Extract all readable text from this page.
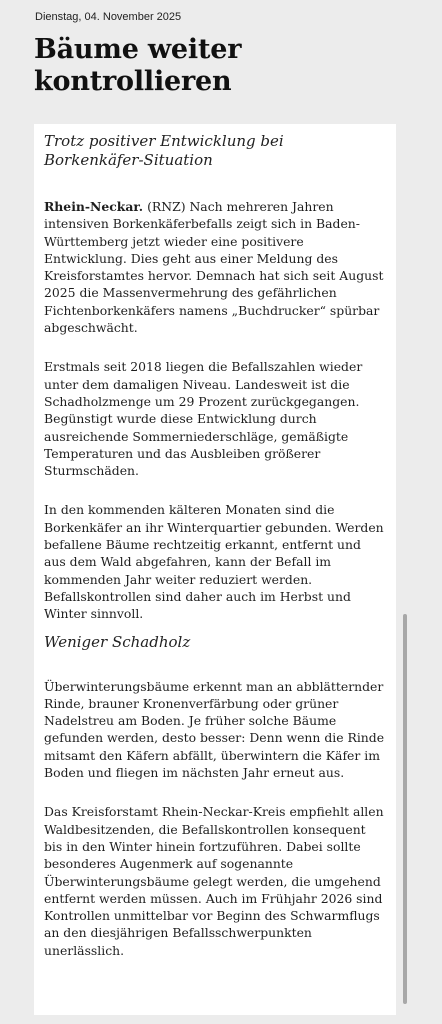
Dienstag, 04. November 2025
Bäume weiter kontrollieren

Trotz positiver Entwicklung bei Borkenkäfer-Situation

Rhein-Neckar. (RNZ) Nach mehreren Jahren intensiven Borkenkäferbefalls zeigt sich in Baden-Württemberg jetzt wieder eine positivere Entwicklung. Dies geht aus einer Meldung des Kreisforstamtes hervor. Demnach hat sich seit August 2025 die Massenvermehrung des gefährlichen Fichtenborkenkäfers namens „Buchdrucker“ spürbar abgeschwächt.

Erstmals seit 2018 liegen die Befallszahlen wieder unter dem damaligen Niveau. Landesweit ist die Schadholzmenge um 29 Prozent zurückgegangen. Begünstigt wurde diese Entwicklung durch ausreichende Sommerniederschläge, gemäßigte Temperaturen und das Ausbleiben größerer Sturmschäden.

In den kommenden kälteren Monaten sind die Borkenkäfer an ihr Winterquartier gebunden. Werden befallene Bäume rechtzeitig erkannt, entfernt und aus dem Wald abgefahren, kann der Befall im kommenden Jahr weiter reduziert werden. Befallskontrollen sind daher auch im Herbst und Winter sinnvoll.

Weniger Schadholz

Überwinterungsbäume erkennt man an abblätternder Rinde, brauner Kronenverfärbung oder grüner Nadelstreu am Boden. Je früher solche Bäume gefunden werden, desto besser: Denn wenn die Rinde mitsamt den Käfern abfällt, überwintern die Käfer im Boden und fliegen im nächsten Jahr erneut aus.

Das Kreisforstamt Rhein-Neckar-Kreis empfiehlt allen Waldbesitzenden, die Befallskontrollen konsequent bis in den Winter hinein fortzuführen. Dabei sollte besonderes Augenmerk auf sogenannte Überwinterungsbäume gelegt werden, die umgehend entfernt werden müssen. Auch im Frühjahr 2026 sind Kontrollen unmittelbar vor Beginn des Schwarmflugs an den diesjährigen Befallsschwerpunkten unerlässlich.
